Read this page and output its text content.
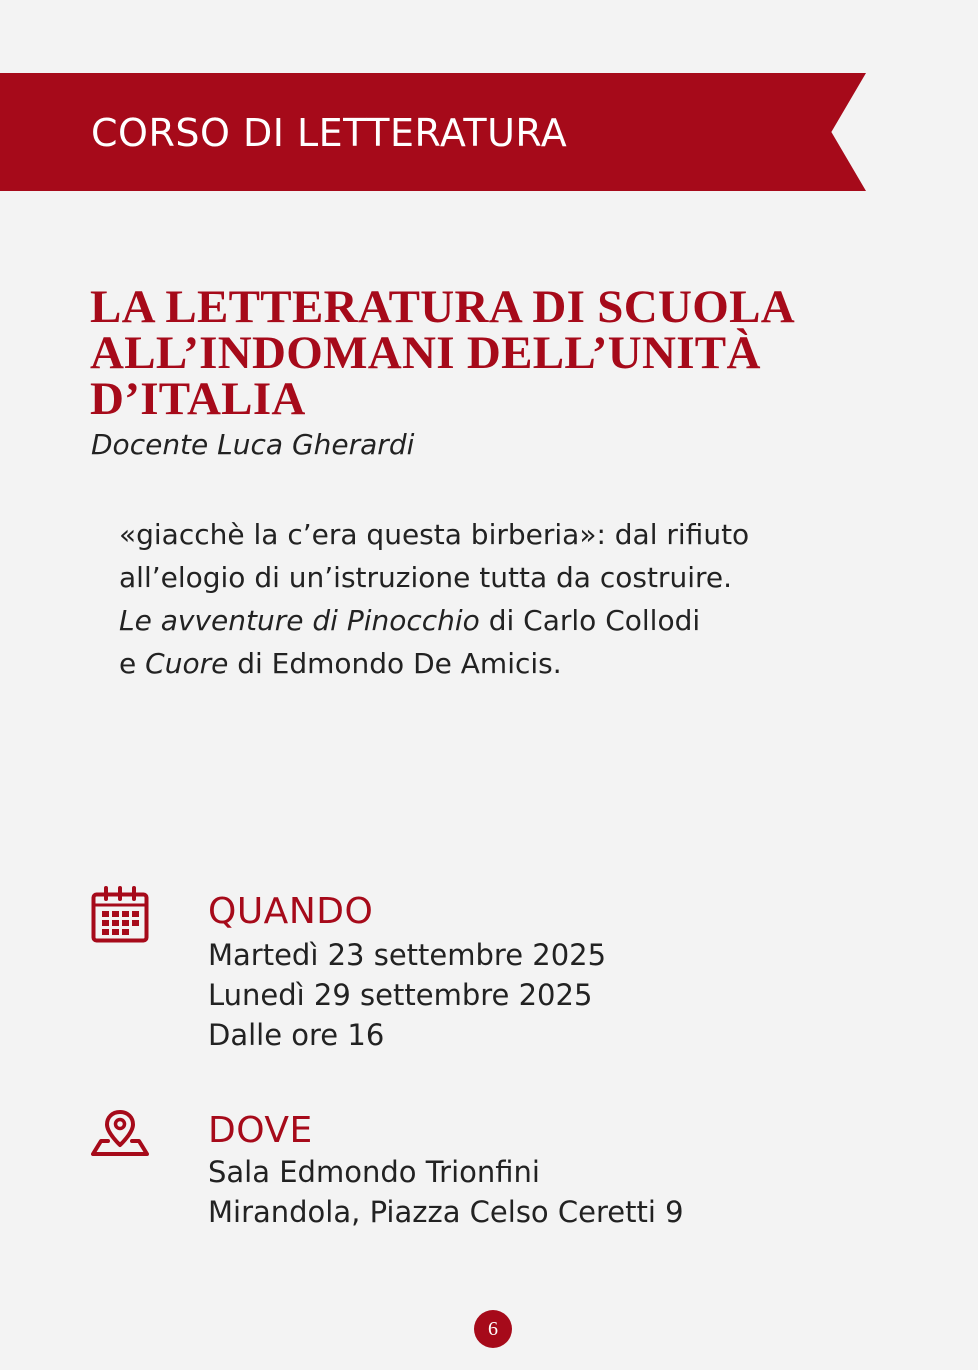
CORSO DI LETTERATURA
LA LETTERATURA DI SCUOLA
ALL’INDOMANI DELL’UNITÀ
D’ITALIA
Docente Luca Gherardi
«giacchè la c’era questa birberia»: dal rifiuto
all’elogio di un’istruzione tutta da costruire.
Le avventure di Pinocchio di Carlo Collodi
e Cuore di Edmondo De Amicis.
QUANDO
Martedì 23 settembre 2025
Lunedì 29 settembre 2025
Dalle ore 16
DOVE
Sala Edmondo Trionfini
Mirandola, Piazza Celso Ceretti 9
6
